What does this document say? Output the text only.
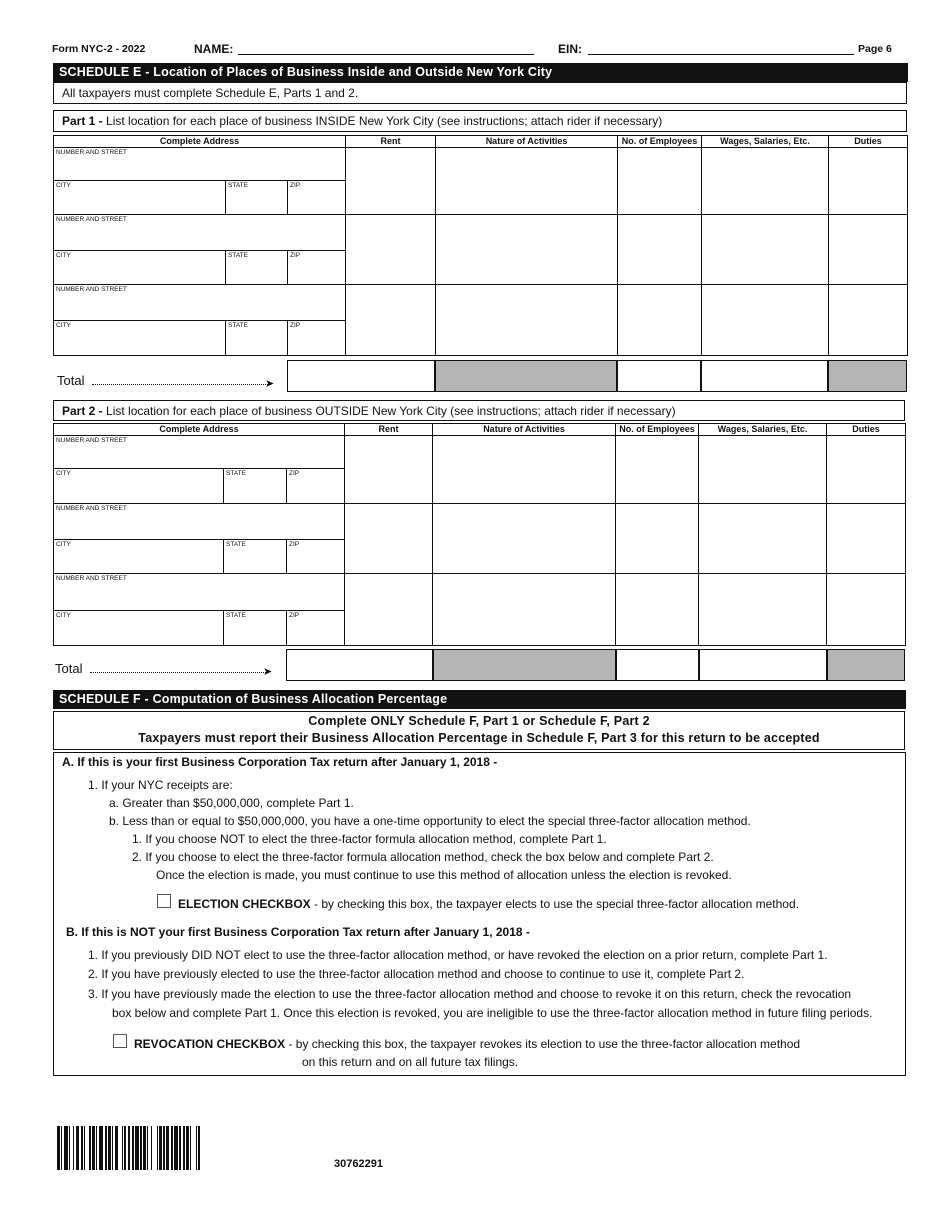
Form NYC-2 - 2022	NAME:	EIN:	Page 6
SCHEDULE E - Location of Places of Business Inside and Outside New York City
All taxpayers must complete Schedule E, Parts 1 and 2.
Part 1 - List location for each place of business INSIDE New York City (see instructions; attach rider if necessary)
Complete Address			Rent	Nature of Activities	No. of Employees	Wages, Salaries, Etc.	Duties

NUMBER AND STREET							

CITY	STATE	ZIP					

NUMBER AND STREET							

CITY	STATE	ZIP					

NUMBER AND STREET							

CITY	STATE	ZIP					
Total	➤
Part 2 - List location for each place of business OUTSIDE New York City (see instructions; attach rider if necessary)
Complete Address			Rent	Nature of Activities	No. of Employees	Wages, Salaries, Etc.	Duties

NUMBER AND STREET							

CITY	STATE	ZIP					

NUMBER AND STREET							

CITY	STATE	ZIP					

NUMBER AND STREET							

CITY	STATE	ZIP					
Total	➤
SCHEDULE F - Computation of Business Allocation Percentage
Complete ONLY Schedule F, Part 1 or Schedule F, Part 2
Taxpayers must report their Business Allocation Percentage in Schedule F, Part 3 for this return to be accepted
A. If this is your first Business Corporation Tax return after January 1, 2018 -
1. If your NYC receipts are:
a. Greater than $50,000,000, complete Part 1.
b. Less than or equal to $50,000,000, you have a one-time opportunity to elect the special three-factor allocation method.
1. If you choose NOT to elect the three-factor formula allocation method, complete Part 1.
2. If you choose to elect the three-factor formula allocation method, check the box below and complete Part 2.
Once the election is made, you must continue to use this method of allocation unless the election is revoked.
ELECTION CHECKBOX - by checking this box, the taxpayer elects to use the special three-factor allocation method.
B. If this is NOT your first Business Corporation Tax return after January 1, 2018 -
1. If you previously DID NOT elect to use the three-factor allocation method, or have revoked the election on a prior return, complete Part 1.
2. If you have previously elected to use the three-factor allocation method and choose to continue to use it, complete Part 2.
3. If you have previously made the election to use the three-factor allocation method and choose to revoke it on this return, check the revocation
box below and complete Part 1. Once this election is revoked, you are ineligible to use the three-factor allocation method in future filing periods.
REVOCATION CHECKBOX - by checking this box, the taxpayer revokes its election to use the three-factor allocation method
on this return and on all future tax filings.
30762291
